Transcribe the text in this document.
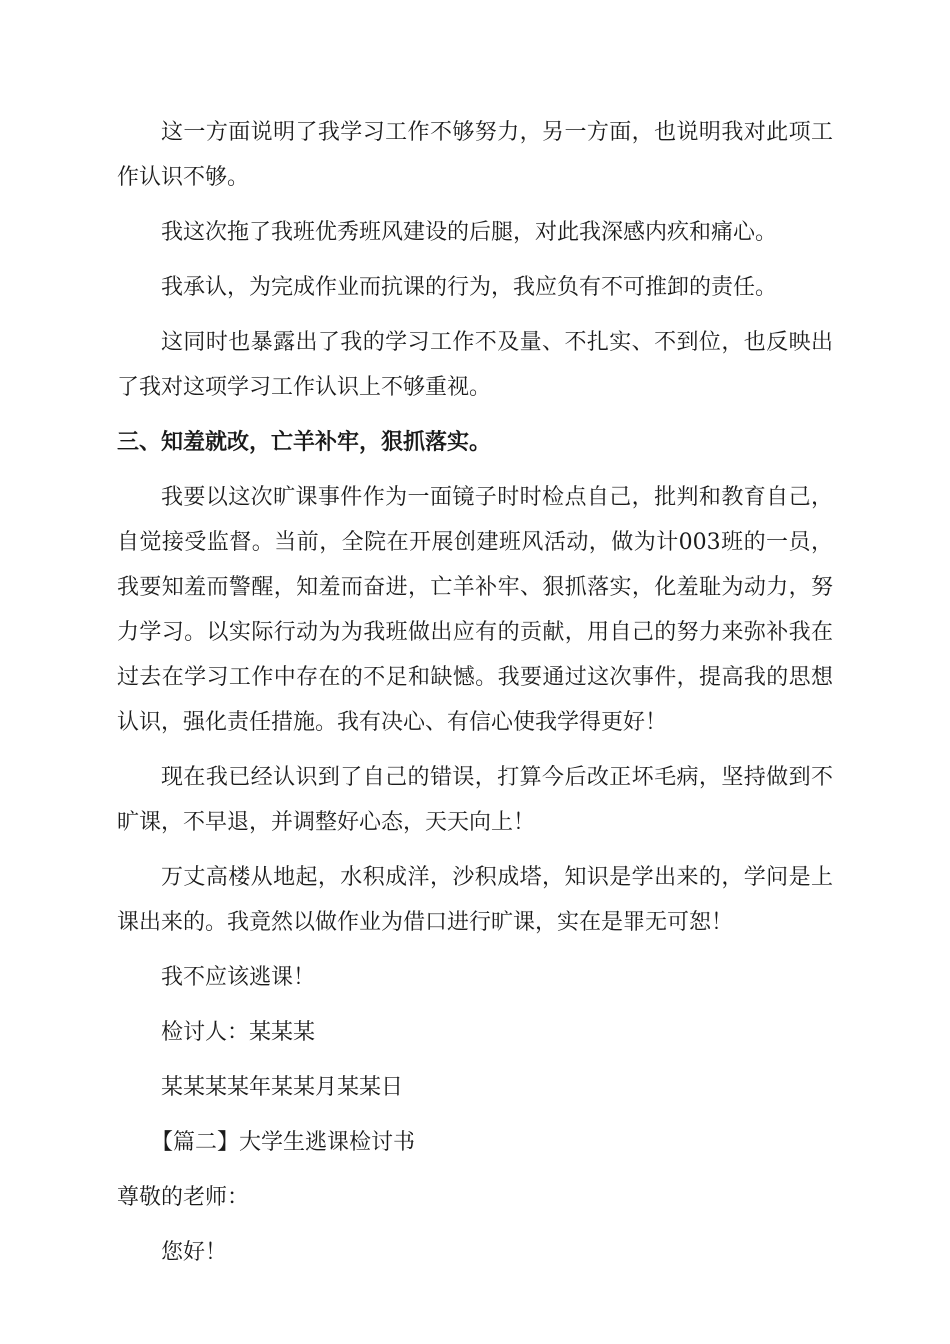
这一方面说明了我学习工作不够努力，另一方面，也说明我对此项工作认识不够。

我这次拖了我班优秀班风建设的后腿，对此我深感内疚和痛心。

我承认，为完成作业而抗课的行为，我应负有不可推卸的责任。

这同时也暴露出了我的学习工作不及量、不扎实、不到位，也反映出了我对这项学习工作认识上不够重视。

三、知羞就改，亡羊补牢，狠抓落实。

我要以这次旷课事件作为一面镜子时时检点自己，批判和教育自己，自觉接受监督。当前，全院在开展创建班风活动，做为计003班的一员，我要知羞而警醒，知羞而奋进，亡羊补牢、狠抓落实，化羞耻为动力，努力学习。以实际行动为为我班做出应有的贡献，用自己的努力来弥补我在过去在学习工作中存在的不足和缺憾。我要通过这次事件，提高我的思想认识，强化责任措施。我有决心、有信心使我学得更好！

现在我已经认识到了自己的错误，打算今后改正坏毛病，坚持做到不旷课，不早退，并调整好心态，天天向上！

万丈高楼从地起，水积成洋，沙积成塔，知识是学出来的，学问是上课出来的。我竟然以做作业为借口进行旷课，实在是罪无可恕！

我不应该逃课！

检讨人：某某某

某某某某年某某月某某日

【篇二】大学生逃课检讨书

尊敬的老师：

您好！
